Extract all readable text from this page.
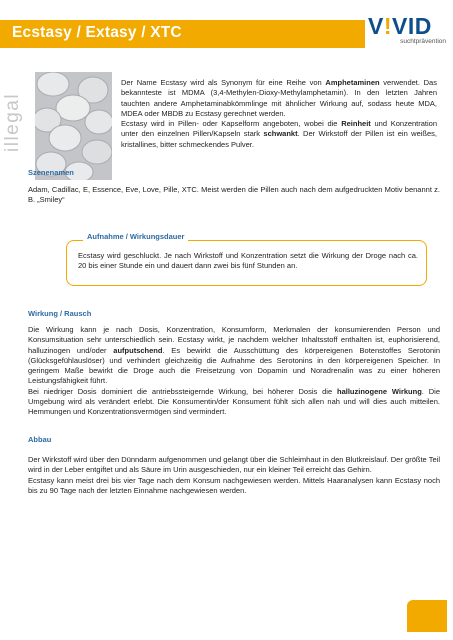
Ecstasy / Extasy / XTC	V!VID
suchtprävention
illegal

Der Name Ecstasy wird als Synonym für eine Reihe von Amphetaminen verwendet. Das bekannteste ist MDMA (3,4-Methylen-Dioxy-Methylamphetamin). In den letzten Jahren tauchten andere Amphetaminabkömmlinge mit ähnlicher Wirkung auf, sodass heute MDA, MDEA oder MBDB zu Ecstasy gerechnet werden.

Ecstasy wird in Pillen- oder Kapselform angeboten, wobei die Reinheit und Konzentration unter den einzelnen Pillen/Kapseln stark schwankt. Der Wirkstoff der Pillen ist ein weißes, kristallines, bitter schmeckendes Pulver.

Szenenamen
Adam, Cadillac, E, Essence, Eve, Love, Pille, XTC. Meist werden die Pillen auch nach dem aufgedruckten Motiv benannt z. B. „Smiley“
Aufnahme / Wirkungsdauer
Ecstasy wird geschluckt. Je nach Wirkstoff und Konzentration setzt die Wirkung der Droge nach ca. 20 bis einer Stunde ein und dauert dann zwei bis fünf Stunden an.
Wirkung / Rausch

Die Wirkung kann je nach Dosis, Konzentration, Konsumform, Merkmalen der konsumierenden Person und Konsumsituation sehr unterschiedlich sein. Ecstasy wirkt, je nachdem welcher Inhaltsstoff enthalten ist, euphorisierend, halluzinogen und/oder aufputschend. Es bewirkt die Ausschüttung des körpereigenen Botenstoffes Serotonin (Glücksgefühlauslöser) und verhindert gleichzeitig die Aufnahme des Serotonins in den körpereigenen Speicher. In geringem Maße bewirkt die Droge auch die Freisetzung von Dopamin und Noradrenalin was zu einer höheren Leistungsfähigkeit führt.

Bei niedriger Dosis dominiert die antriebssteigernde Wirkung, bei höherer Dosis die halluzinogene Wirkung. Die Umgebung wird als verändert erlebt. Die Konsumentin/der Konsument fühlt sich allen nah und will dies auch mitteilen. Hemmungen und Konzentrationsvermögen sind vermindert.

Abbau

Der Wirkstoff wird über den Dünndarm aufgenommen und gelangt über die Schleimhaut in den Blutkreislauf. Der größte Teil wird in der Leber entgiftet und als Säure im Urin ausgeschieden, nur ein kleiner Teil erreicht das Gehirn.

Ecstasy kann meist drei bis vier Tage nach dem Konsum nachgewiesen werden. Mittels Haaranalysen kann Ecstasy noch bis zu 90 Tage nach der letzten Einnahme nachgewiesen werden.
